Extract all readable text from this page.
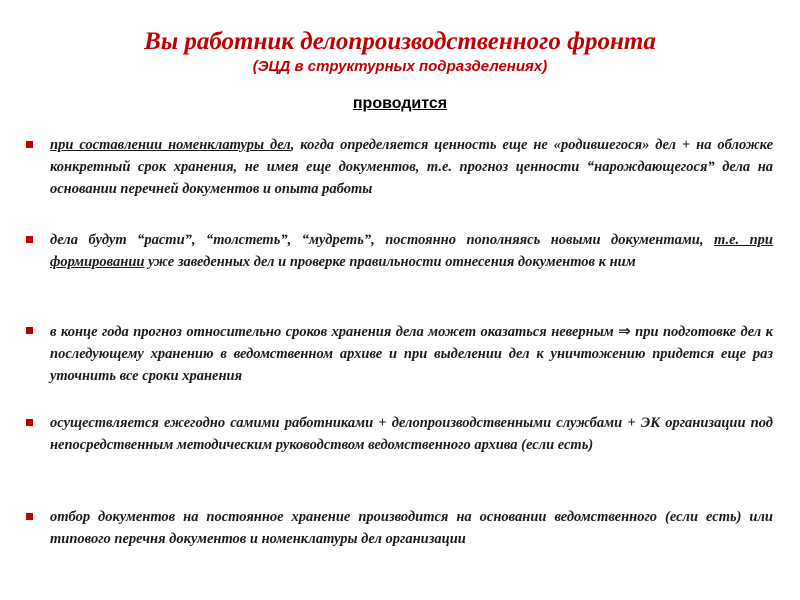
Вы работник делопроизводственного фронта
(ЭЦД в структурных подразделениях)
проводится
при составлении номенклатуры дел, когда определяется ценность еще не «родившегося» дел + на обложке конкретный срок хранения, не имея еще документов, т.е. прогноз ценности “нарождающегося” дела на основании перечней документов и опыта работы
дела будут “расти”, “толстеть”, “мудреть”, постоянно пополняясь новыми документами, т.е. при формировании уже заведенных дел и проверке правильности отнесения документов к ним
в конце года прогноз относительно сроков хранения дела может оказаться неверным ⇒ при подготовке дел к последующему хранению в ведомственном архиве и при выделении дел к уничтожению придется еще раз уточнить все сроки хранения
осуществляется ежегодно самими работниками + делопроизводственными службами + ЭК организации под непосредственным методическим руководством ведомственного архива (если есть)
отбор документов на постоянное хранение производится на основании ведомственного (если есть) или типового перечня документов и номенклатуры дел организации
